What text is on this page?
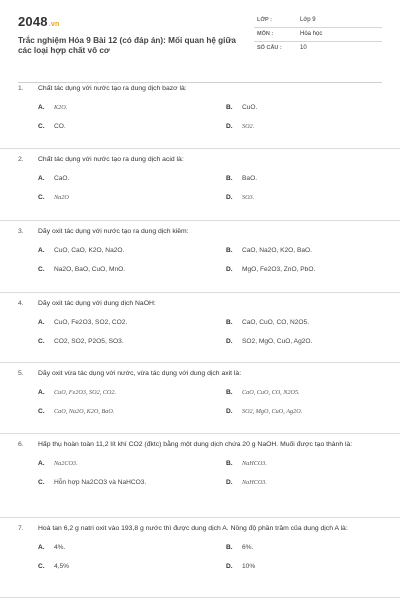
2048.vn
Trắc nghiệm Hóa 9 Bài 12 (có đáp án): Mối quan hệ giữa các loại hợp chất vô cơ
LỚP :	Lớp 9
MÔN :	Hóa học
SỐ CÂU :	10
1.	Chất tác dụng với nước tạo ra dung dịch bazơ là:
A.	K2O.	B.	CuO.
C.	CO.	D.	SO2.
2.	Chất tác dụng với nước tạo ra dung dịch acid là:
A.	CaO.	B.	BaO.
C.	Na2O	D.	SO3.
3.	Dãy oxit tác dụng với nước tạo ra dung dịch kiềm:
A.	CuO, CaO, K2O, Na2O.	B.	CaO, Na2O, K2O, BaO.
C.	Na2O, BaO, CuO, MnO.	D.	MgO, Fe2O3, ZnO, PbO.
4.	Dãy oxit tác dụng với dung dịch NaOH:
A.	CuO, Fe2O3, SO2, CO2.	B.	CaO, CuO, CO, N2O5.
C.	CO2, SO2, P2O5, SO3.	D.	SO2, MgO, CuO, Ag2O.
5.	Dãy oxit vừa tác dụng với nước, vừa tác dụng với dung dịch axit là:
A.	CuO, Fe2O3, SO2, CO2.	B.	CaO, CuO, CO, N2O5.
C.	CaO, Na2O, K2O, BaO.	D.	SO2, MgO, CuO, Ag2O.
6.	Hấp thụ hoàn toàn 11,2 lít khí CO2 (đktc) bằng một dung dịch chứa 20 g NaOH. Muối được tạo thành là:
A.	Na2CO3.	B.	NaHCO3.
C.	Hỗn hợp Na2CO3 và NaHCO3.	D.	NaHCO3.
7.	Hoà tan 6,2 g natri oxit vào 193,8 g nước thì được dung dịch A. Nồng độ phần trăm của dung dịch A là:
A.	4%.	B.	6%.
C.	4,5%	D.	10%
